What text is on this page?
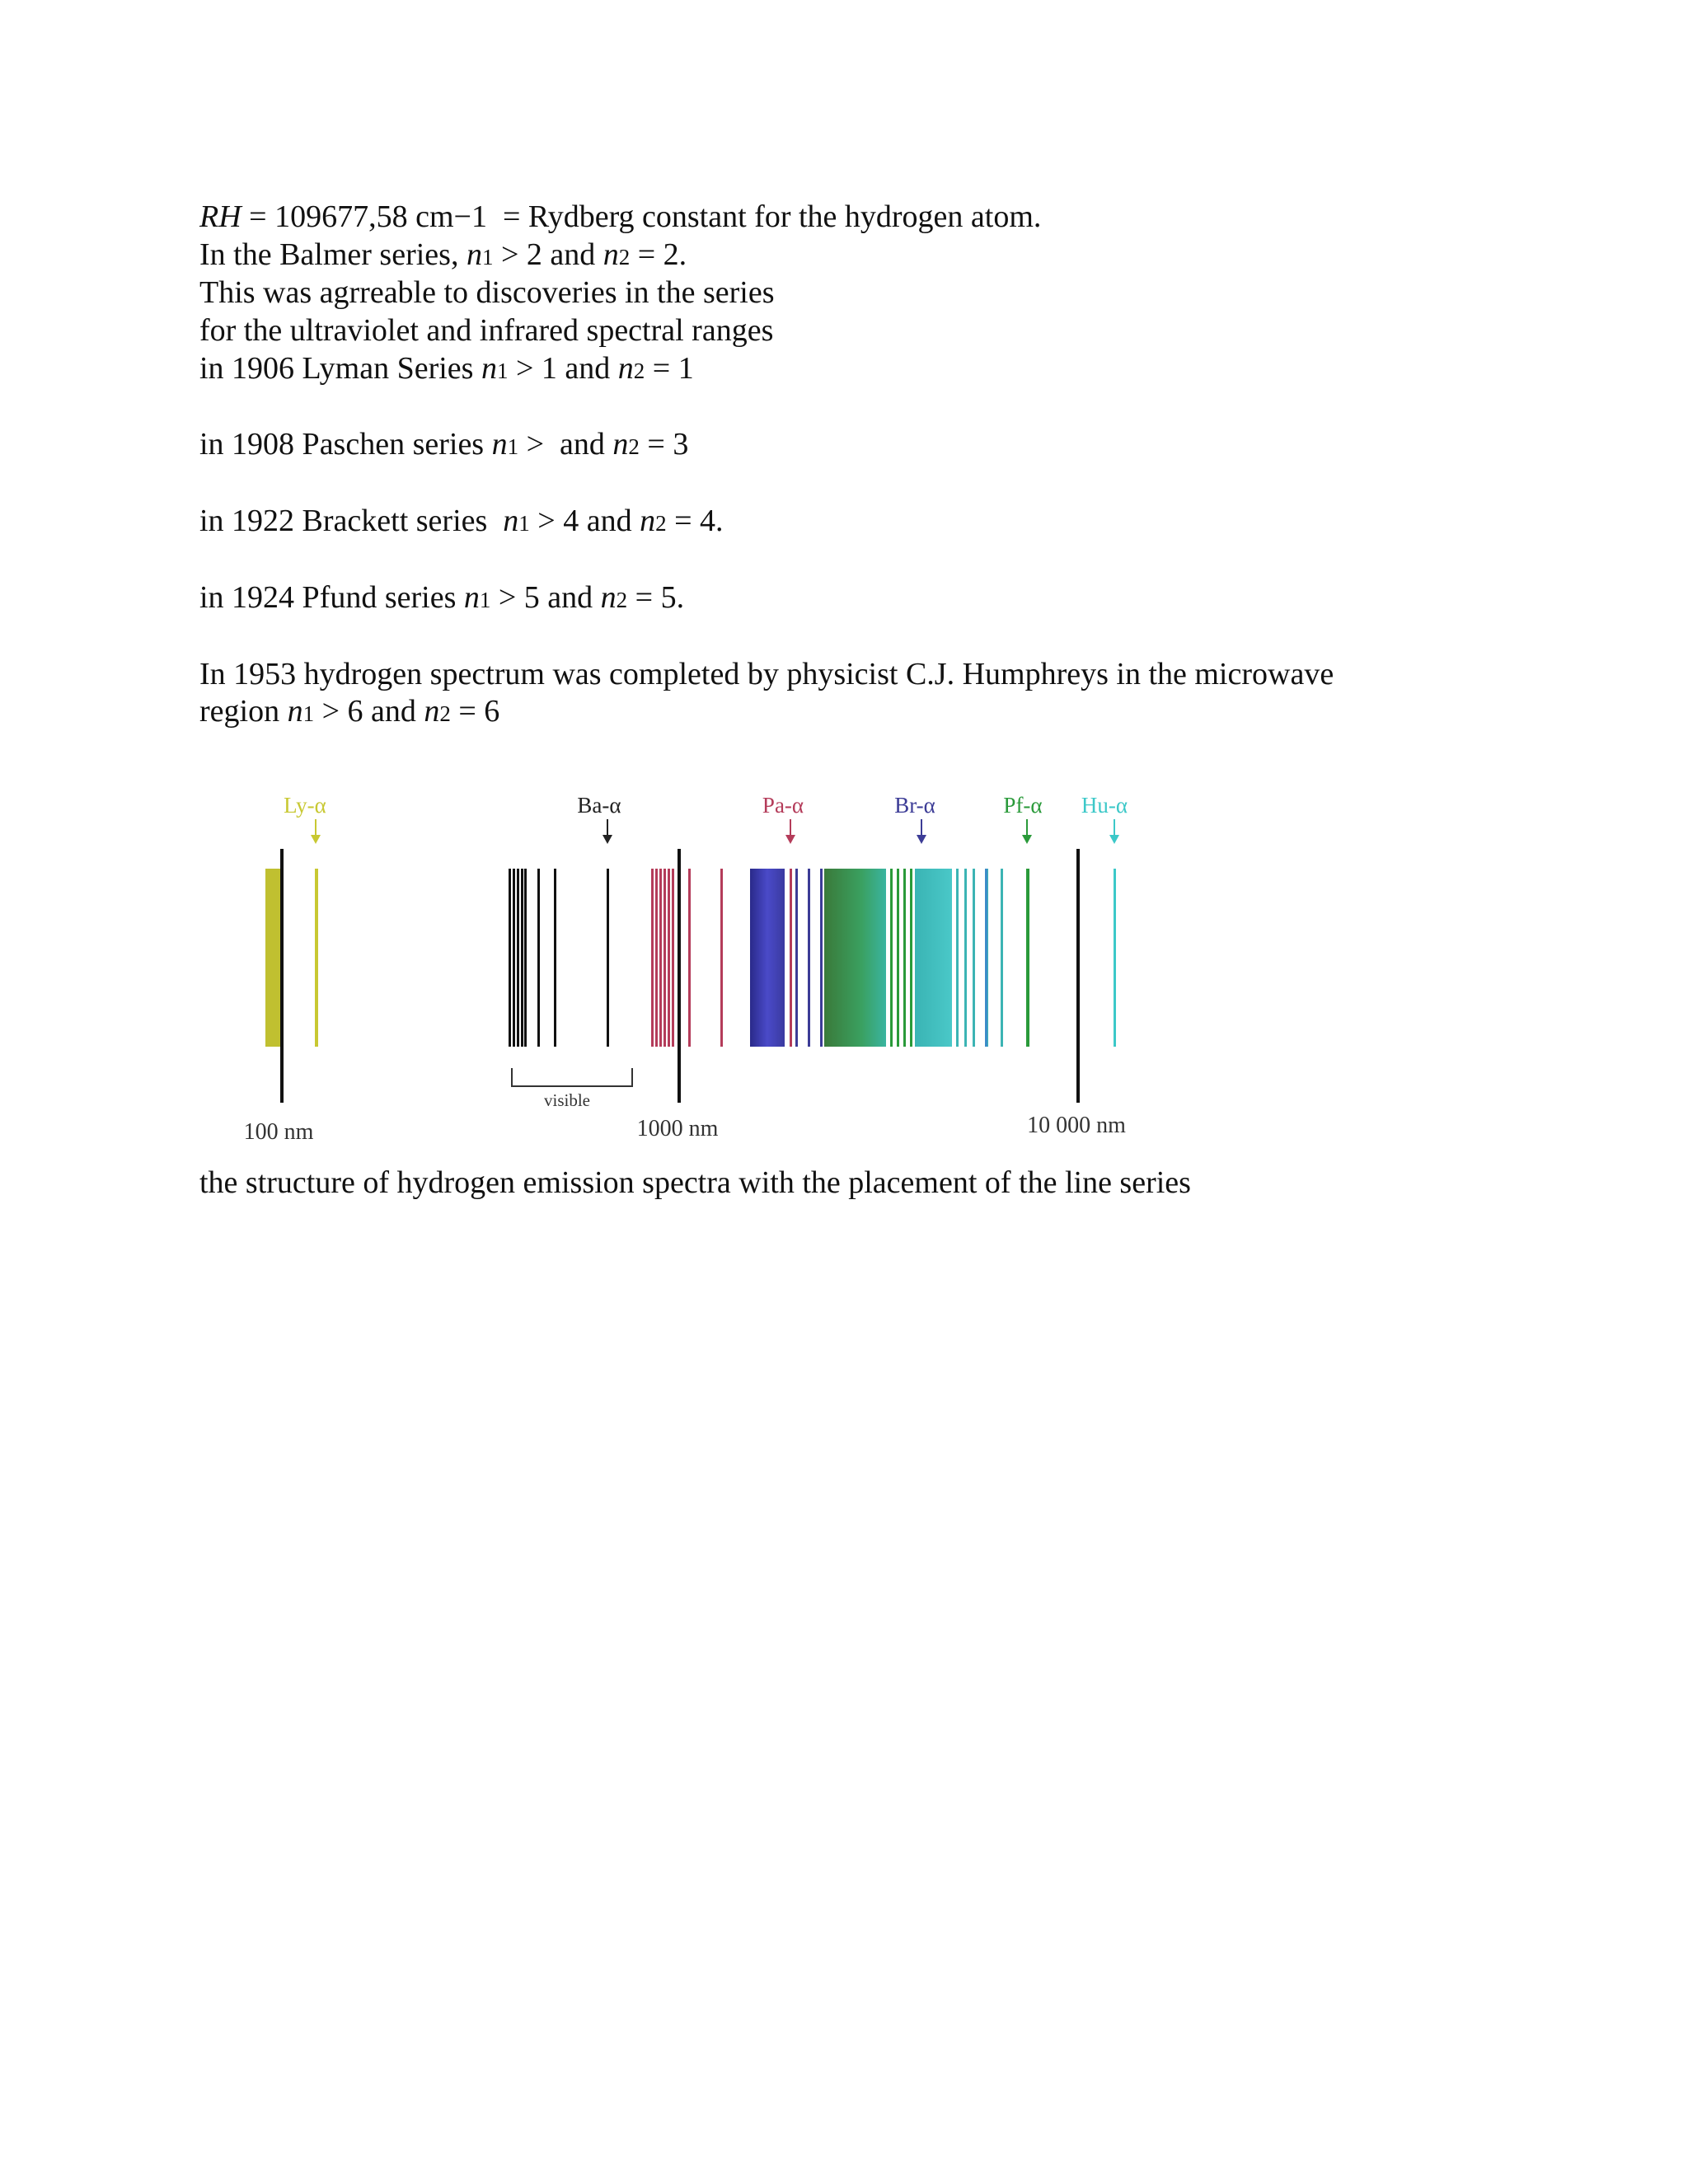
RH = 109677,58 cm−1  = Rydberg constant for the hydrogen atom.
In the Balmer series, n1 > 2 and n2 = 2.
This was agrreable to discoveries in the series
for the ultraviolet and infrared spectral ranges
in 1906 Lyman Series n1 > 1 and n2 = 1
in 1908 Paschen series n1 >  and n2 = 3
in 1922 Brackett series  n1 > 4 and n2 = 4.
in 1924 Pfund series n1 > 5 and n2 = 5.
In 1953 hydrogen spectrum was completed by physicist C.J. Humphreys in the microwave
region n1 > 6 and n2 = 6
Ly-α	Ba-α	Pa-α	Br-α	Pf-α Hu-α
visible
100 nm	1000 nm	10 000 nm
the structure of hydrogen emission spectra with the placement of the line series
